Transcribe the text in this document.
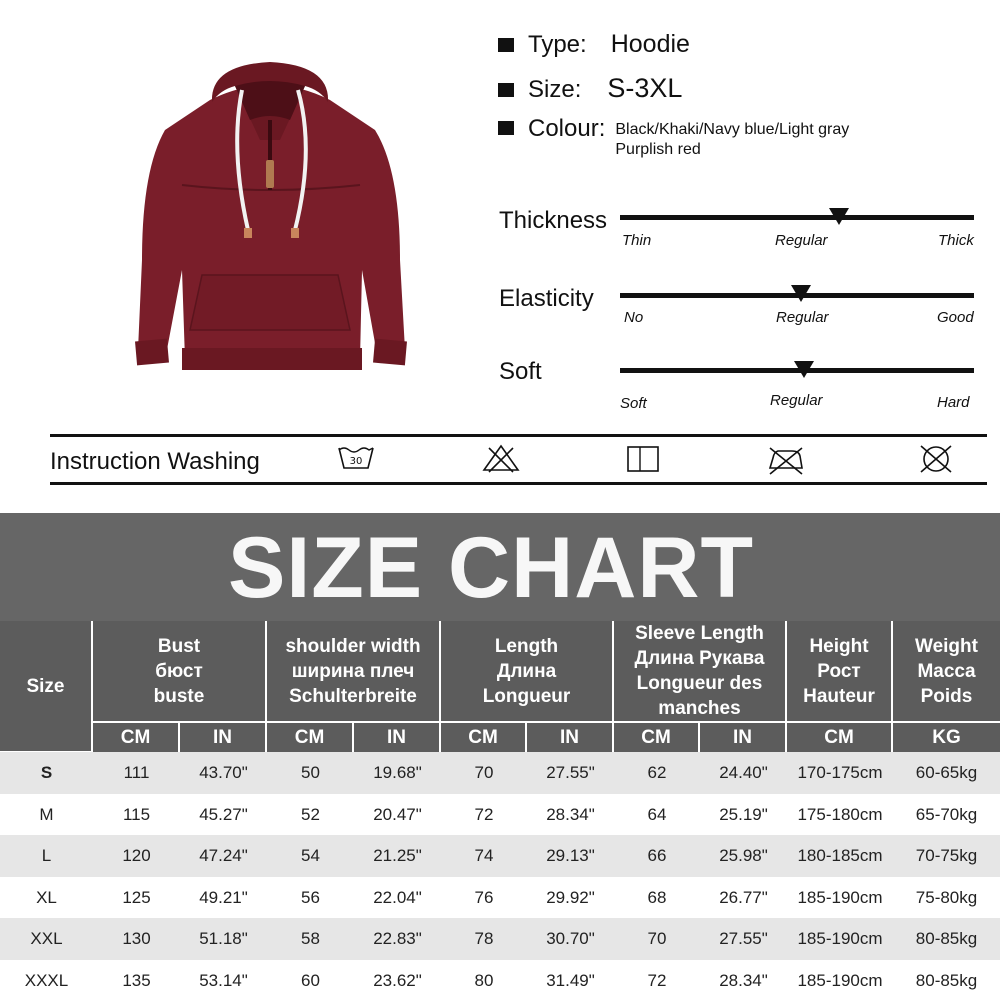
Type: Hoodie
Size: S-3XL
Colour: Black/Khaki/Navy blue/Light gray
Purplish red
Thickness
Thin	Regular	Thick
Elasticity
No	Regular	Good
Soft
Soft	Regular	Hard
Instruction Washing	30
SIZE CHART
Size
Bust
бюст
buste
shoulder width
ширина плеч
Schulterbreite
Length
Длина
Longueur
Sleeve Length
Длина Рукава
Longueur des
manches
Height
Рост
Hauteur
Weight
Macca
Poids
CM	IN	CM	IN	CM	IN	CM	IN	CM	KG
S	111	43.70"	50	19.68"	70	27.55"	62	24.40"	170-175cm	60-65kg
M	115	45.27"	52	20.47"	72	28.34"	64	25.19"	175-180cm	65-70kg
L	120	47.24"	54	21.25"	74	29.13"	66	25.98"	180-185cm	70-75kg
XL	125	49.21"	56	22.04"	76	29.92"	68	26.77"	185-190cm	75-80kg
XXL	130	51.18"	58	22.83"	78	30.70"	70	27.55"	185-190cm	80-85kg
XXXL	135	53.14"	60	23.62"	80	31.49"	72	28.34"	185-190cm	80-85kg
